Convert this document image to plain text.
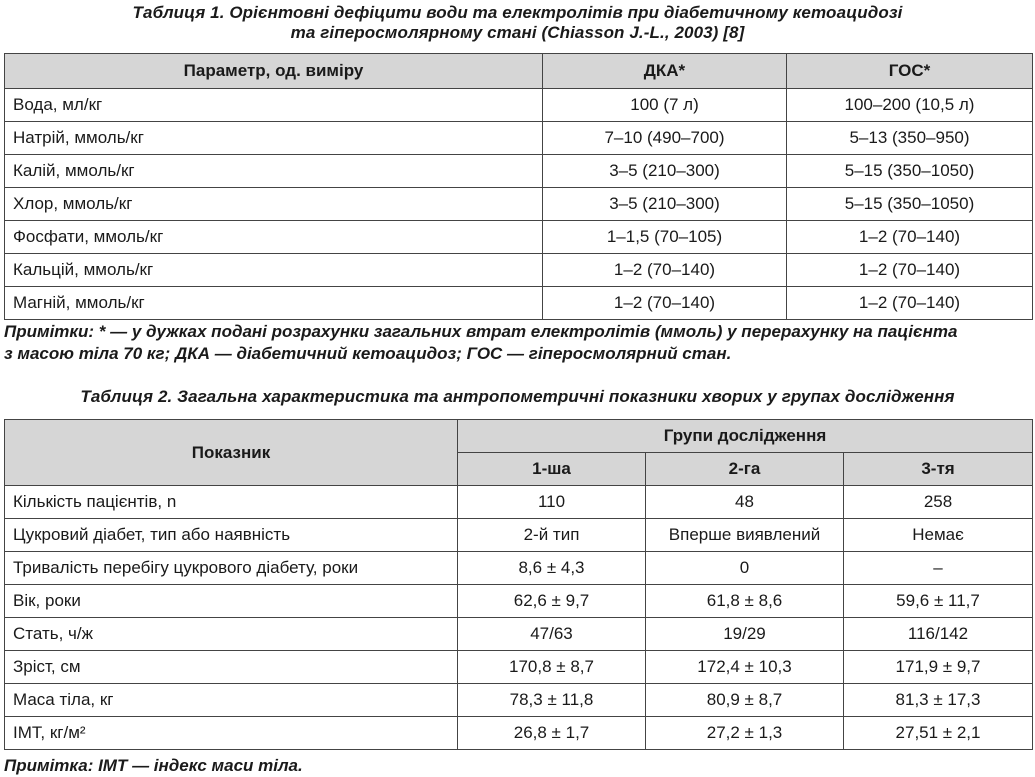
Таблиця 1. Орієнтовні дефіцити води та електролітів при діабетичному кетоацидозі
та гіперосмолярному стані (Chiasson J.-L., 2003) [8]
Параметр, од. виміру	ДКА*	ГОС*
Вода, мл/кг	100 (7 л)	100–200 (10,5 л)
Натрій, ммоль/кг	7–10 (490–700)	5–13 (350–950)
Калій, ммоль/кг	3–5 (210–300)	5–15 (350–1050)
Хлор, ммоль/кг	3–5 (210–300)	5–15 (350–1050)
Фосфати, ммоль/кг	1–1,5 (70–105)	1–2 (70–140)
Кальцій, ммоль/кг	1–2 (70–140)	1–2 (70–140)
Магній, ммоль/кг	1–2 (70–140)	1–2 (70–140)
Примітки: * — у дужках подані розрахунки загальних втрат електролітів (ммоль) у перерахунку на пацієнта
з масою тіла 70 кг; ДКА — діабетичний кетоацидоз; ГОС — гіперосмолярний стан.
Таблиця 2. Загальна характеристика та антропометричні показники хворих у групах дослідження
Показник	Групи дослідження		
	1-ша	2-га	3-тя
Кількість пацієнтів, n	110	48	258
Цукровий діабет, тип або наявність	2-й тип	Вперше виявлений	Немає
Тривалість перебігу цукрового діабету, роки	8,6 ± 4,3	0	–
Вік, роки	62,6 ± 9,7	61,8 ± 8,6	59,6 ± 11,7
Стать, ч/ж	47/63	19/29	116/142
Зріст, см	170,8 ± 8,7	172,4 ± 10,3	171,9 ± 9,7
Маса тіла, кг	78,3 ± 11,8	80,9 ± 8,7	81,3 ± 17,3
ІМТ, кг/м²	26,8 ± 1,7	27,2 ± 1,3	27,51 ± 2,1
Примітка: ІМТ — індекс маси тіла.
